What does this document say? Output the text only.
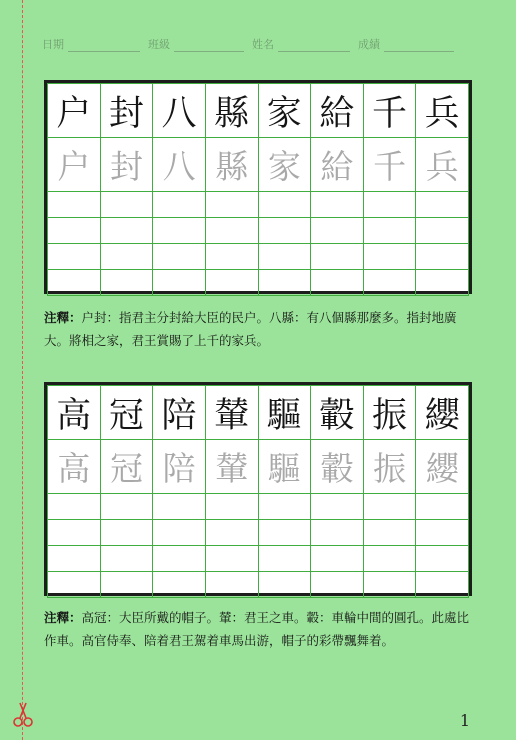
日期	班級	姓名	成績
户	封	八	縣	家	給	千	兵
户	封	八	縣	家	給	千	兵

注釋：户封：指君主分封給大臣的民户。八縣：有八個縣那麼多。指封地廣大。將相之家，君王賞賜了上千的家兵。
高	冠	陪	輦	驅	轂	振	纓
高	冠	陪	輦	驅	轂	振	纓

注釋：高冠：大臣所戴的帽子。輦：君王之車。轂：車輪中間的圓孔。此處比作車。高官侍奉、陪着君王駕着車馬出游，帽子的彩帶飄舞着。
1
